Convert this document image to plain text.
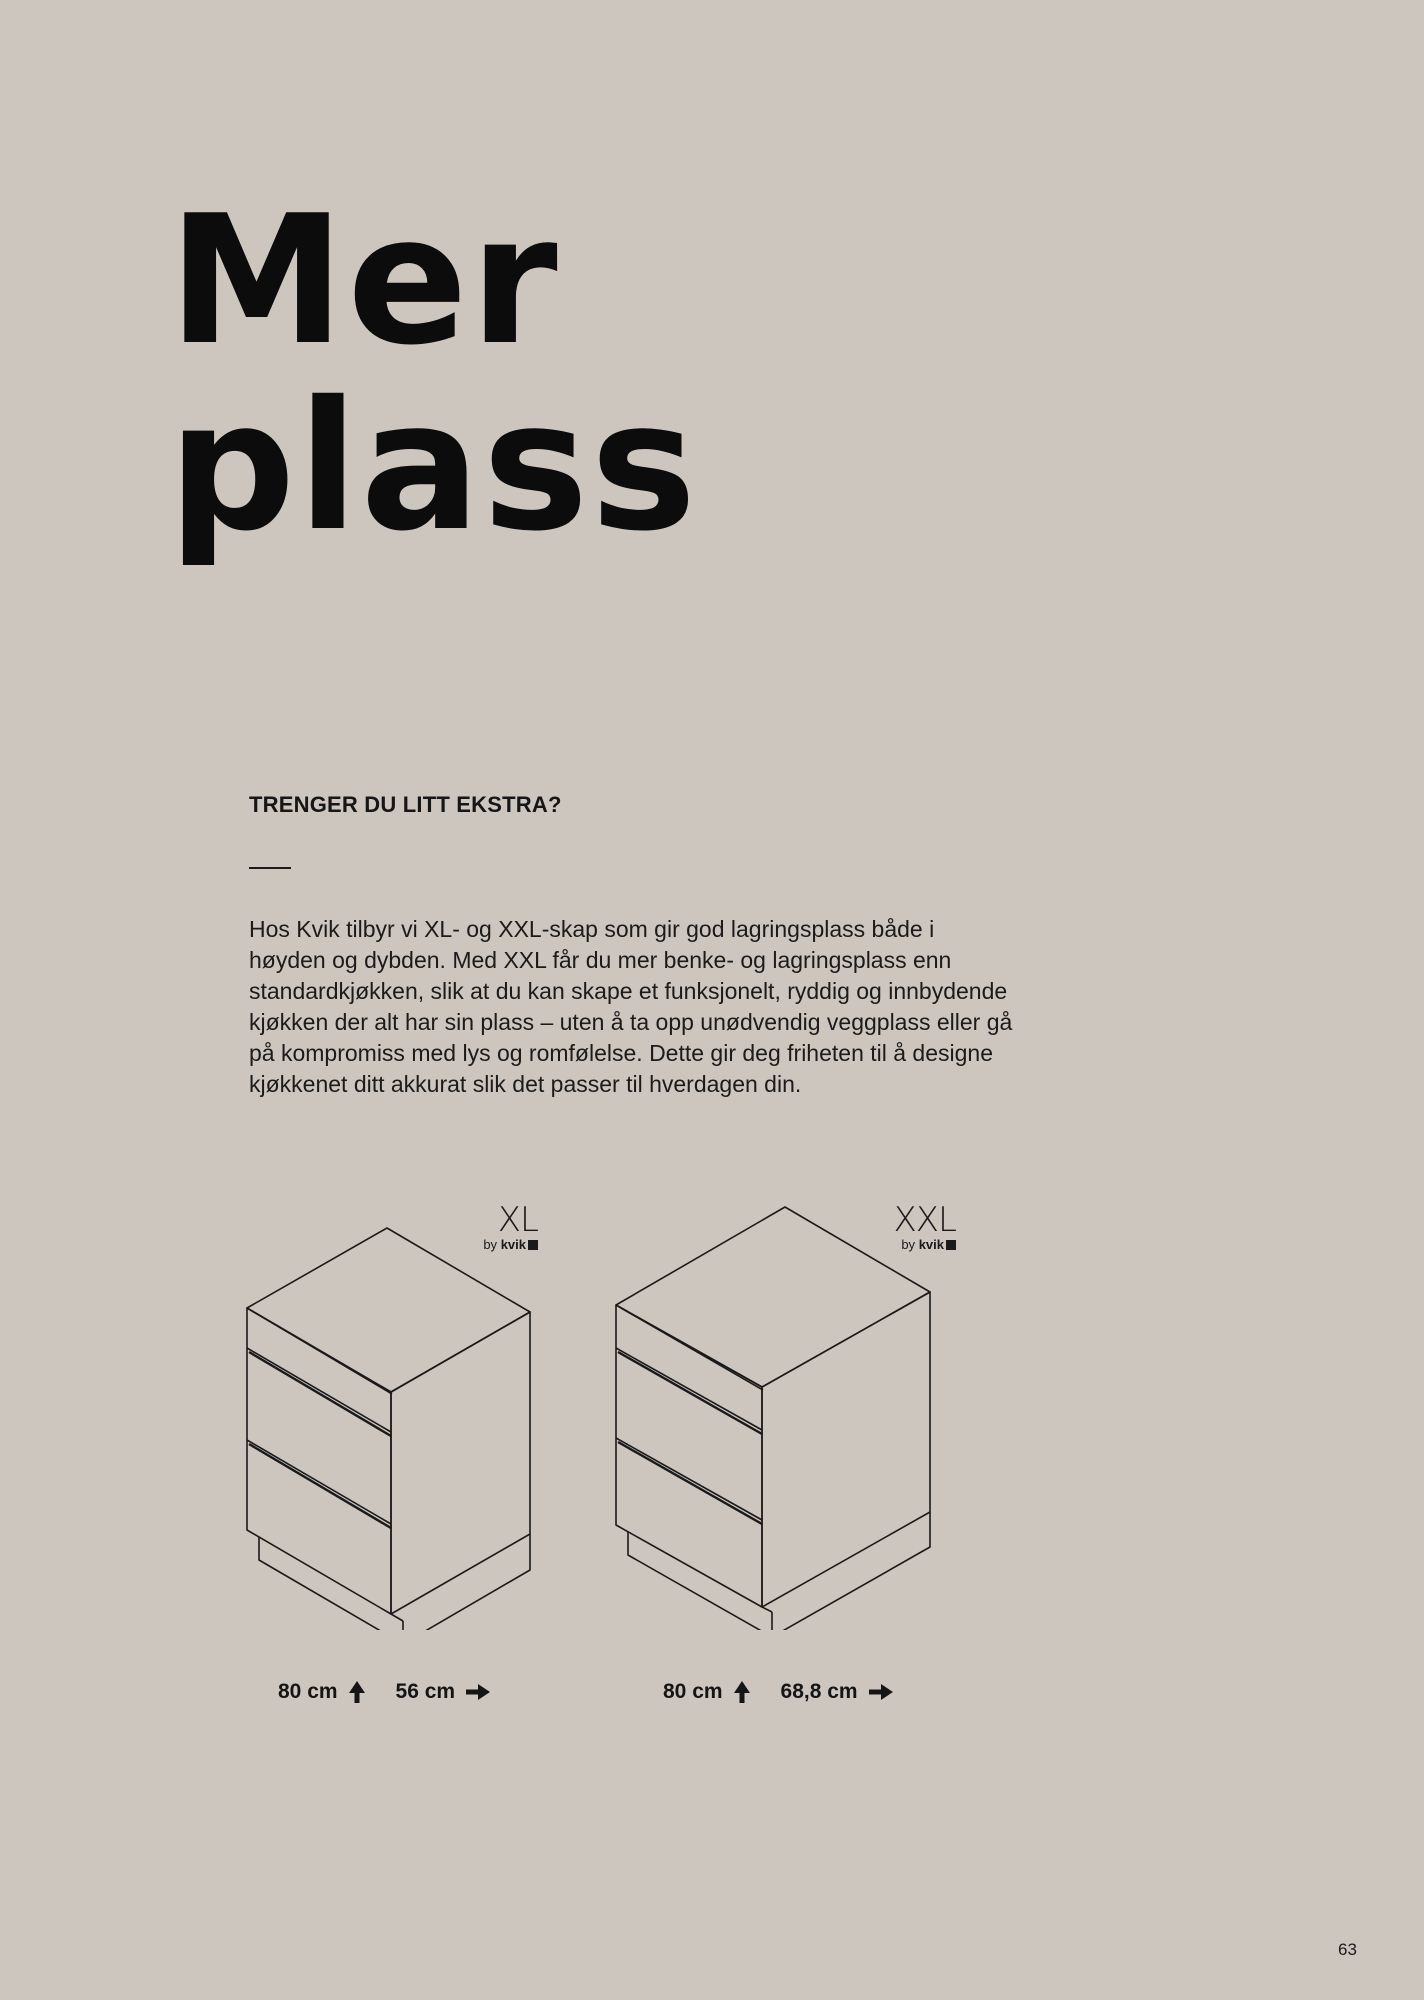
Mer
plass
TRENGER DU LITT EKSTRA?

Hos Kvik tilbyr vi XL- og XXL-skap som gir god lagringsplass både i
høyden og dybden. Med XXL får du mer benke- og lagringsplass enn
standardkjøkken, slik at du kan skape et funksjonelt, ryddig og innbydende
kjøkken der alt har sin plass – uten å ta opp unødvendig veggplass eller gå
på kompromiss med lys og romfølelse. Dette gir deg friheten til å designe
kjøkkenet ditt akkurat slik det passer til hverdagen din.

XL
by kvik
XXL
by kvik
80 cm	56 cm	80 cm	68,8 cm
63
